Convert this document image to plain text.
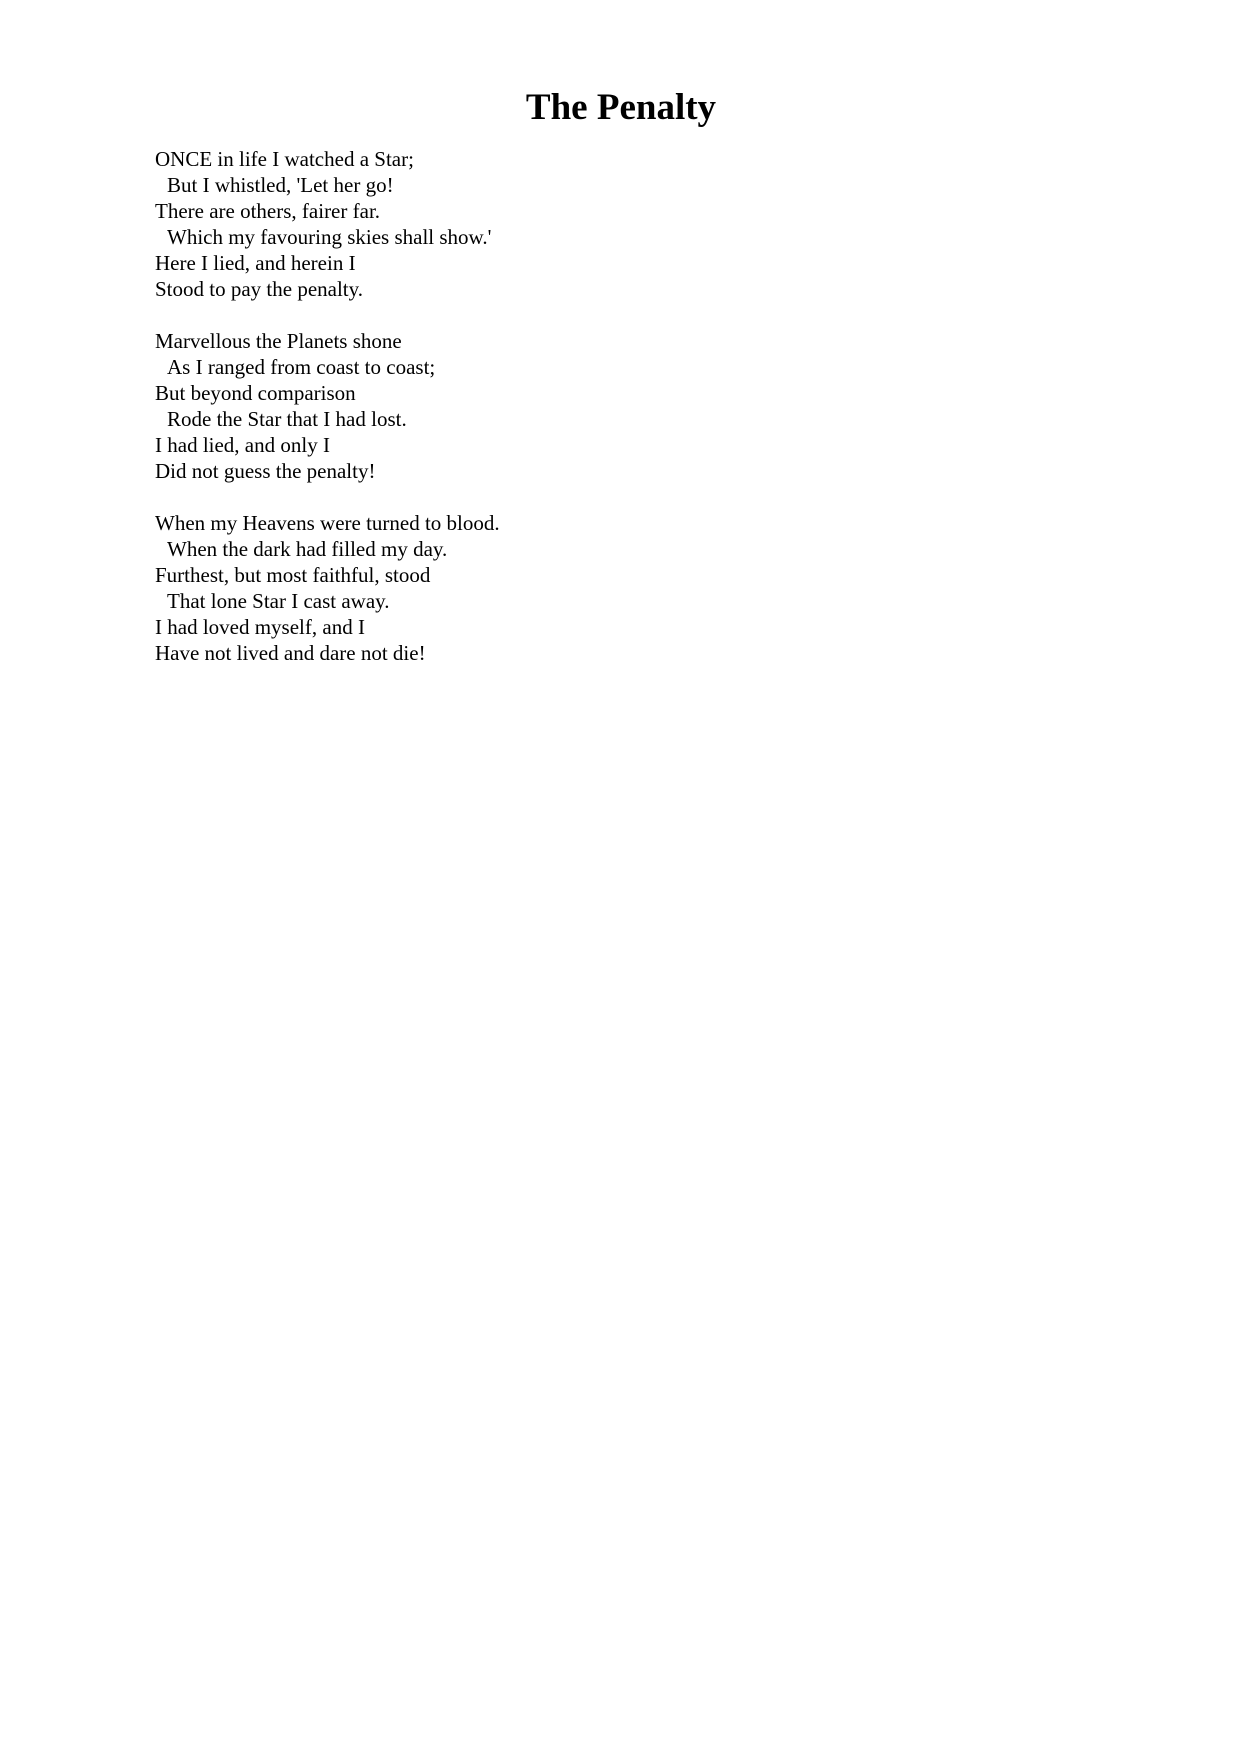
The Penalty
ONCE in life I watched a Star;
But I whistled, 'Let her go!
There are others, fairer far.
Which my favouring skies shall show.'
Here I lied, and herein I
Stood to pay the penalty.
Marvellous the Planets shone
As I ranged from coast to coast;
But beyond comparison
Rode the Star that I had lost.
I had lied, and only I
Did not guess the penalty!
When my Heavens were turned to blood.
When the dark had filled my day.
Furthest, but most faithful, stood
That lone Star I cast away.
I had loved myself, and I
Have not lived and dare not die!
